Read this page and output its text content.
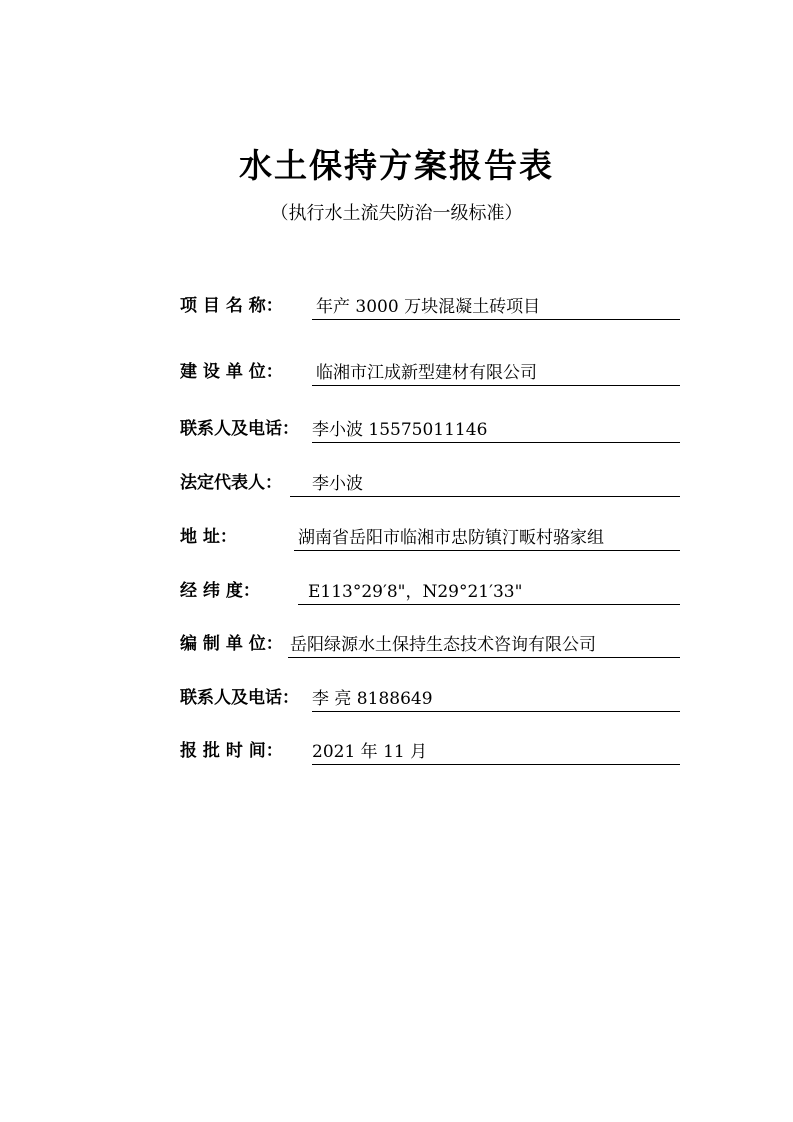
水土保持方案报告表
（执行水土流失防治一级标准）
项 目 名 称： 年产 3000 万块混凝土砖项目
建 设 单 位： 临湘市江成新型建材有限公司
联系人及电话： 李小波 15575011146
法定代表人： 李小波
地 址：	湖南省岳阳市临湘市忠防镇汀畈村骆家组
经 纬 度：	E113°29′8"，N29°21′33"
编 制 单 位： 岳阳绿源水土保持生态技术咨询有限公司
联系人及电话： 李 亮 8188649
报 批 时 间： 2021 年 11 月
